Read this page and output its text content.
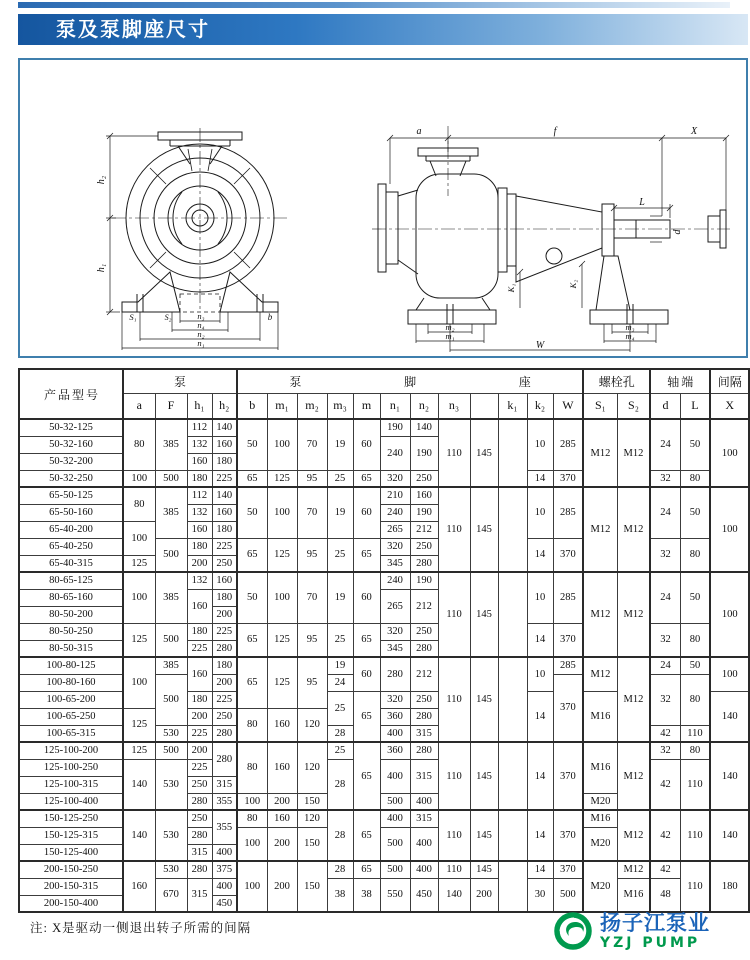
泵及泵脚座尺寸
h₂
h₁
S₁	S₂	n₃
n₄
n₂
n₁
b
a	f	X
L
d
K₁	K₂
m₂
m₁
m₃
m₄
W
产品型号	泵				泵 脚 座												螺栓孔		轴端		间隔
	a	F	h₁	h₂	b	m₁	m₂	m₃	m	n₁	n₂	n₃		k₁	k₂	W	S₁	S₂	d	L	X
50-32-125	80	385	112	140	50	100	70	19	60	190	140	110	145		10	285	M12	M12	24	50	100
50-32-160			132	160						240	190										
50-32-200			160	180																	
50-32-250	100	500	180	225	65	125	95	25	65	320	250				14	370			32	80	
65-50-125	80	385	112	140	50	100	70	19	60	210	160	110	145		10	285	M12	M12	24	50	100
65-50-160			132	160						240	190										
65-40-200	100		160	180						265	212										
65-40-250		500	180	225	65	125	95	25	65	320	250				14	370			32	80	
65-40-315	125		200	250						345	280										
80-65-125	100	385	132	160	50	100	70	19	60	240	190	110	145		10	285	M12	M12	24	50	100
80-65-160			160	180						265	212										
80-50-200				200																	
80-50-250	125	500	180	225	65	125	95	25	65	320	250				14	370			32	80	
80-50-315			225	280						345	280										
100-80-125	100	385	160	180	65	125	95	19	60	280	212	110	145		10	285	M12	M12	24	50	100
100-80-160		500		200				24								370			32	80	
100-65-200			180	225				25	65	320	250				14		M16				140
100-65-250	125		200	250	80	160	120			360	280										
100-65-315		530	225	280				28		400	315								42	110	
125-100-200	125	500	200	280	80	160	120	25	65	360	280	110	145		14	370	M16	M12	32	80	140
125-100-250	140	530	225					28		400	315								42	110	
125-100-315			250	315																	
125-100-400			280	355	100	200	150			500	400						M20				
150-125-250	140	530	250	355	80	160	120	28	65	400	315	110	145		14	370	M16	M12	42	110	140
150-125-315			280		100	200	150			500	400						M20				
150-125-400			315	400																	
200-150-250	160	530	280	375	100	200	150	28	65	500	400	110	145		14	370	M20	M12	42	110	180
200-150-315		670	315	400				38	38	550	450	140	200		30	500		M16	48		
200-150-400				450																	
注: X是驱动一侧退出转子所需的间隔	扬子江泵业
YZJ PUMP
